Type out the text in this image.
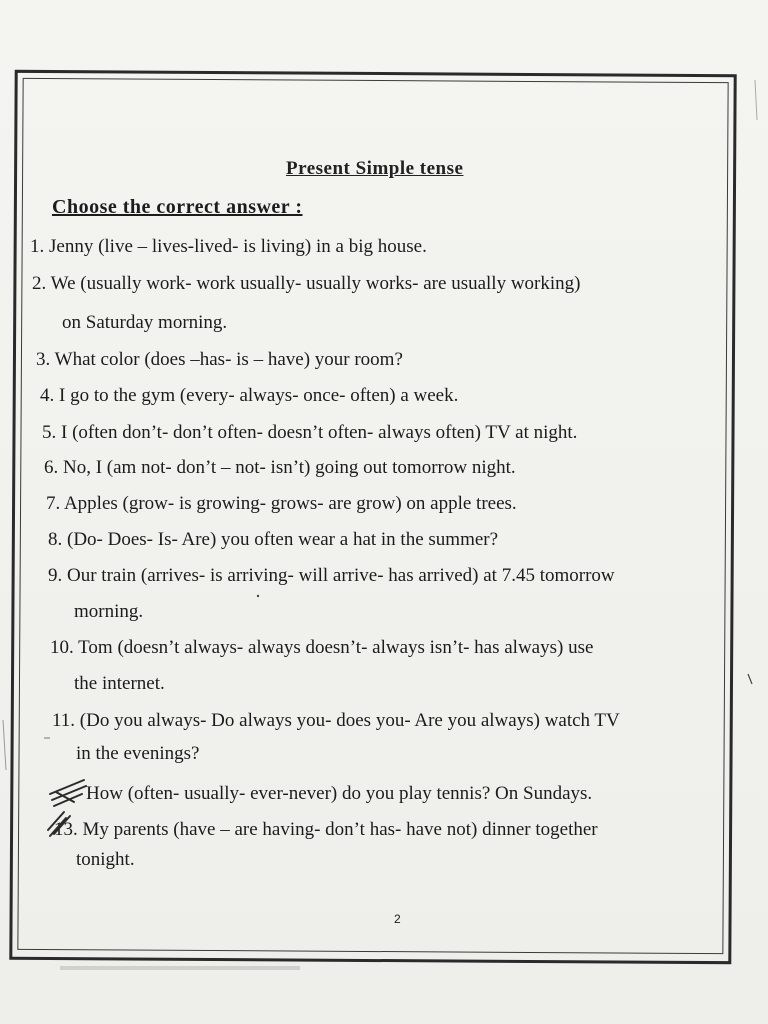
Present Simple tense
Choose the correct answer :
1. Jenny (live – lives-lived- is living) in a big house.
2. We (usually work- work usually- usually works- are usually working)
on Saturday morning.
3. What color (does –has- is – have) your room?
4. I go to the gym (every- always- once- often) a week.
5. I (often don’t- don’t often- doesn’t often- always often) TV at night.
6. No, I (am not- don’t – not- isn’t) going out tomorrow night.
7. Apples (grow- is growing- grows- are grow) on apple trees.
8. (Do- Does- Is- Are) you often wear a hat in the summer?
9. Our train (arrives- is arriving- will arrive- has arrived) at 7.45 tomorrow
morning.
10. Tom (doesn’t always- always doesn’t- always isn’t- has always) use
the internet.
11. (Do you always- Do always you- does you- Are you always) watch TV
in the evenings?
How (often- usually- ever-never) do you play tennis? On Sundays.
13. My parents (have – are having- don’t has- have not) dinner together
tonight.
2
